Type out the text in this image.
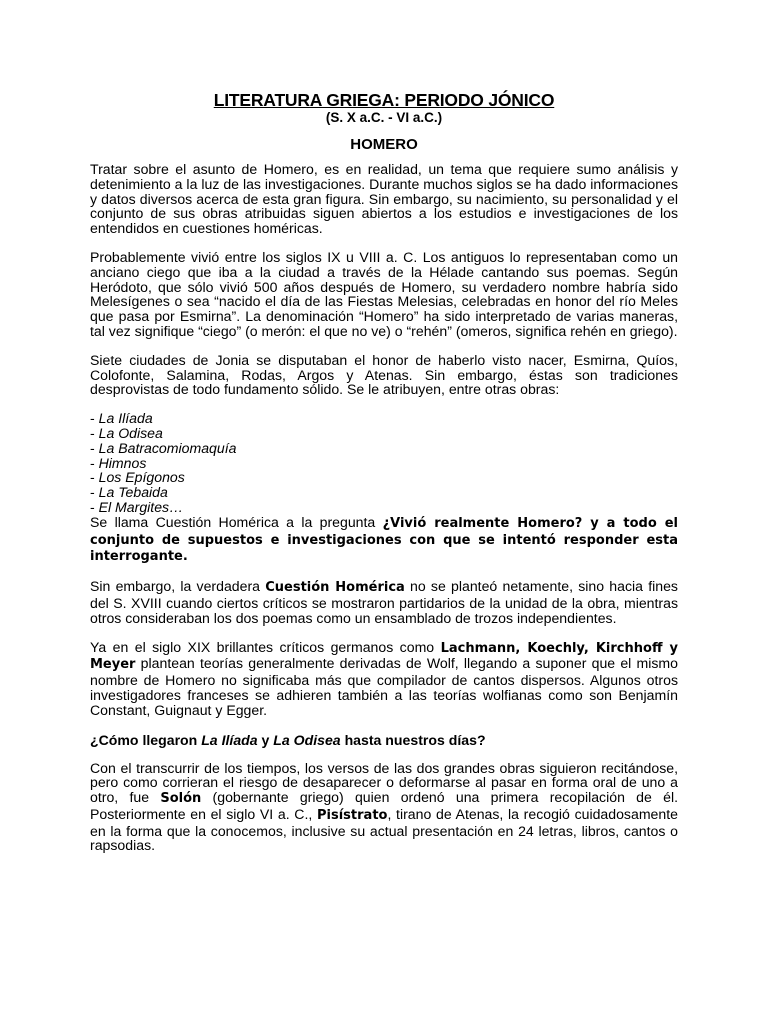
LITERATURA GRIEGA: PERIODO JÓNICO
(S. X a.C. - VI a.C.)
HOMERO

Tratar sobre el asunto de Homero, es en realidad, un tema que requiere sumo análisis y detenimiento a la luz de las investigaciones. Durante muchos siglos se ha dado informaciones y datos diversos acerca de esta gran figura. Sin embargo, su nacimiento, su personalidad y el conjunto de sus obras atribuidas siguen abiertos a los estudios e investigaciones de los entendidos en cuestiones homéricas.

Probablemente vivió entre los siglos IX u VIII a. C. Los antiguos lo representaban como un anciano ciego que iba a la ciudad a través de la Hélade cantando sus poemas. Según Heródoto, que sólo vivió 500 años después de Homero, su verdadero nombre habría sido Melesígenes o sea “nacido el día de las Fiestas Melesias, celebradas en honor del río Meles que pasa por Esmirna”. La denominación “Homero” ha sido interpretado de varias maneras, tal vez signifique “ciego” (o merón: el que no ve) o “rehén” (omeros, significa rehén en griego).

Siete ciudades de Jonia se disputaban el honor de haberlo visto nacer, Esmirna, Quíos, Colofonte, Salamina, Rodas, Argos y Atenas. Sin embargo, éstas son tradiciones desprovistas de todo fundamento sólido. Se le atribuyen, entre otras obras:

- La Ilíada
- La Odisea
- La Batracomiomaquía
- Himnos
- Los Epígonos
- La Tebaida
- El Margites…

Se llama Cuestión Homérica a la pregunta ¿Vivió realmente Homero? y a todo el conjunto de supuestos e investigaciones con que se intentó responder esta interrogante.

Sin embargo, la verdadera Cuestión Homérica no se planteó netamente, sino hacia fines del S. XVIII cuando ciertos críticos se mostraron partidarios de la unidad de la obra, mientras otros consideraban los dos poemas como un ensamblado de trozos independientes.

Ya en el siglo XIX brillantes críticos germanos como Lachmann, Koechly, Kirchhoff y Meyer plantean teorías generalmente derivadas de Wolf, llegando a suponer que el mismo nombre de Homero no significaba más que compilador de cantos dispersos. Algunos otros investigadores franceses se adhieren también a las teorías wolfianas como son Benjamín Constant, Guignaut y Egger.

¿Cómo llegaron La Ilíada y La Odisea hasta nuestros días?

Con el transcurrir de los tiempos, los versos de las dos grandes obras siguieron recitándose, pero como corrieran el riesgo de desaparecer o deformarse al pasar en forma oral de uno a otro, fue Solón (gobernante griego) quien ordenó una primera recopilación de él. Posteriormente en el siglo VI a. C., Pisístrato, tirano de Atenas, la recogió cuidadosamente en la forma que la conocemos, inclusive su actual presentación en 24 letras, libros, cantos o rapsodias.
